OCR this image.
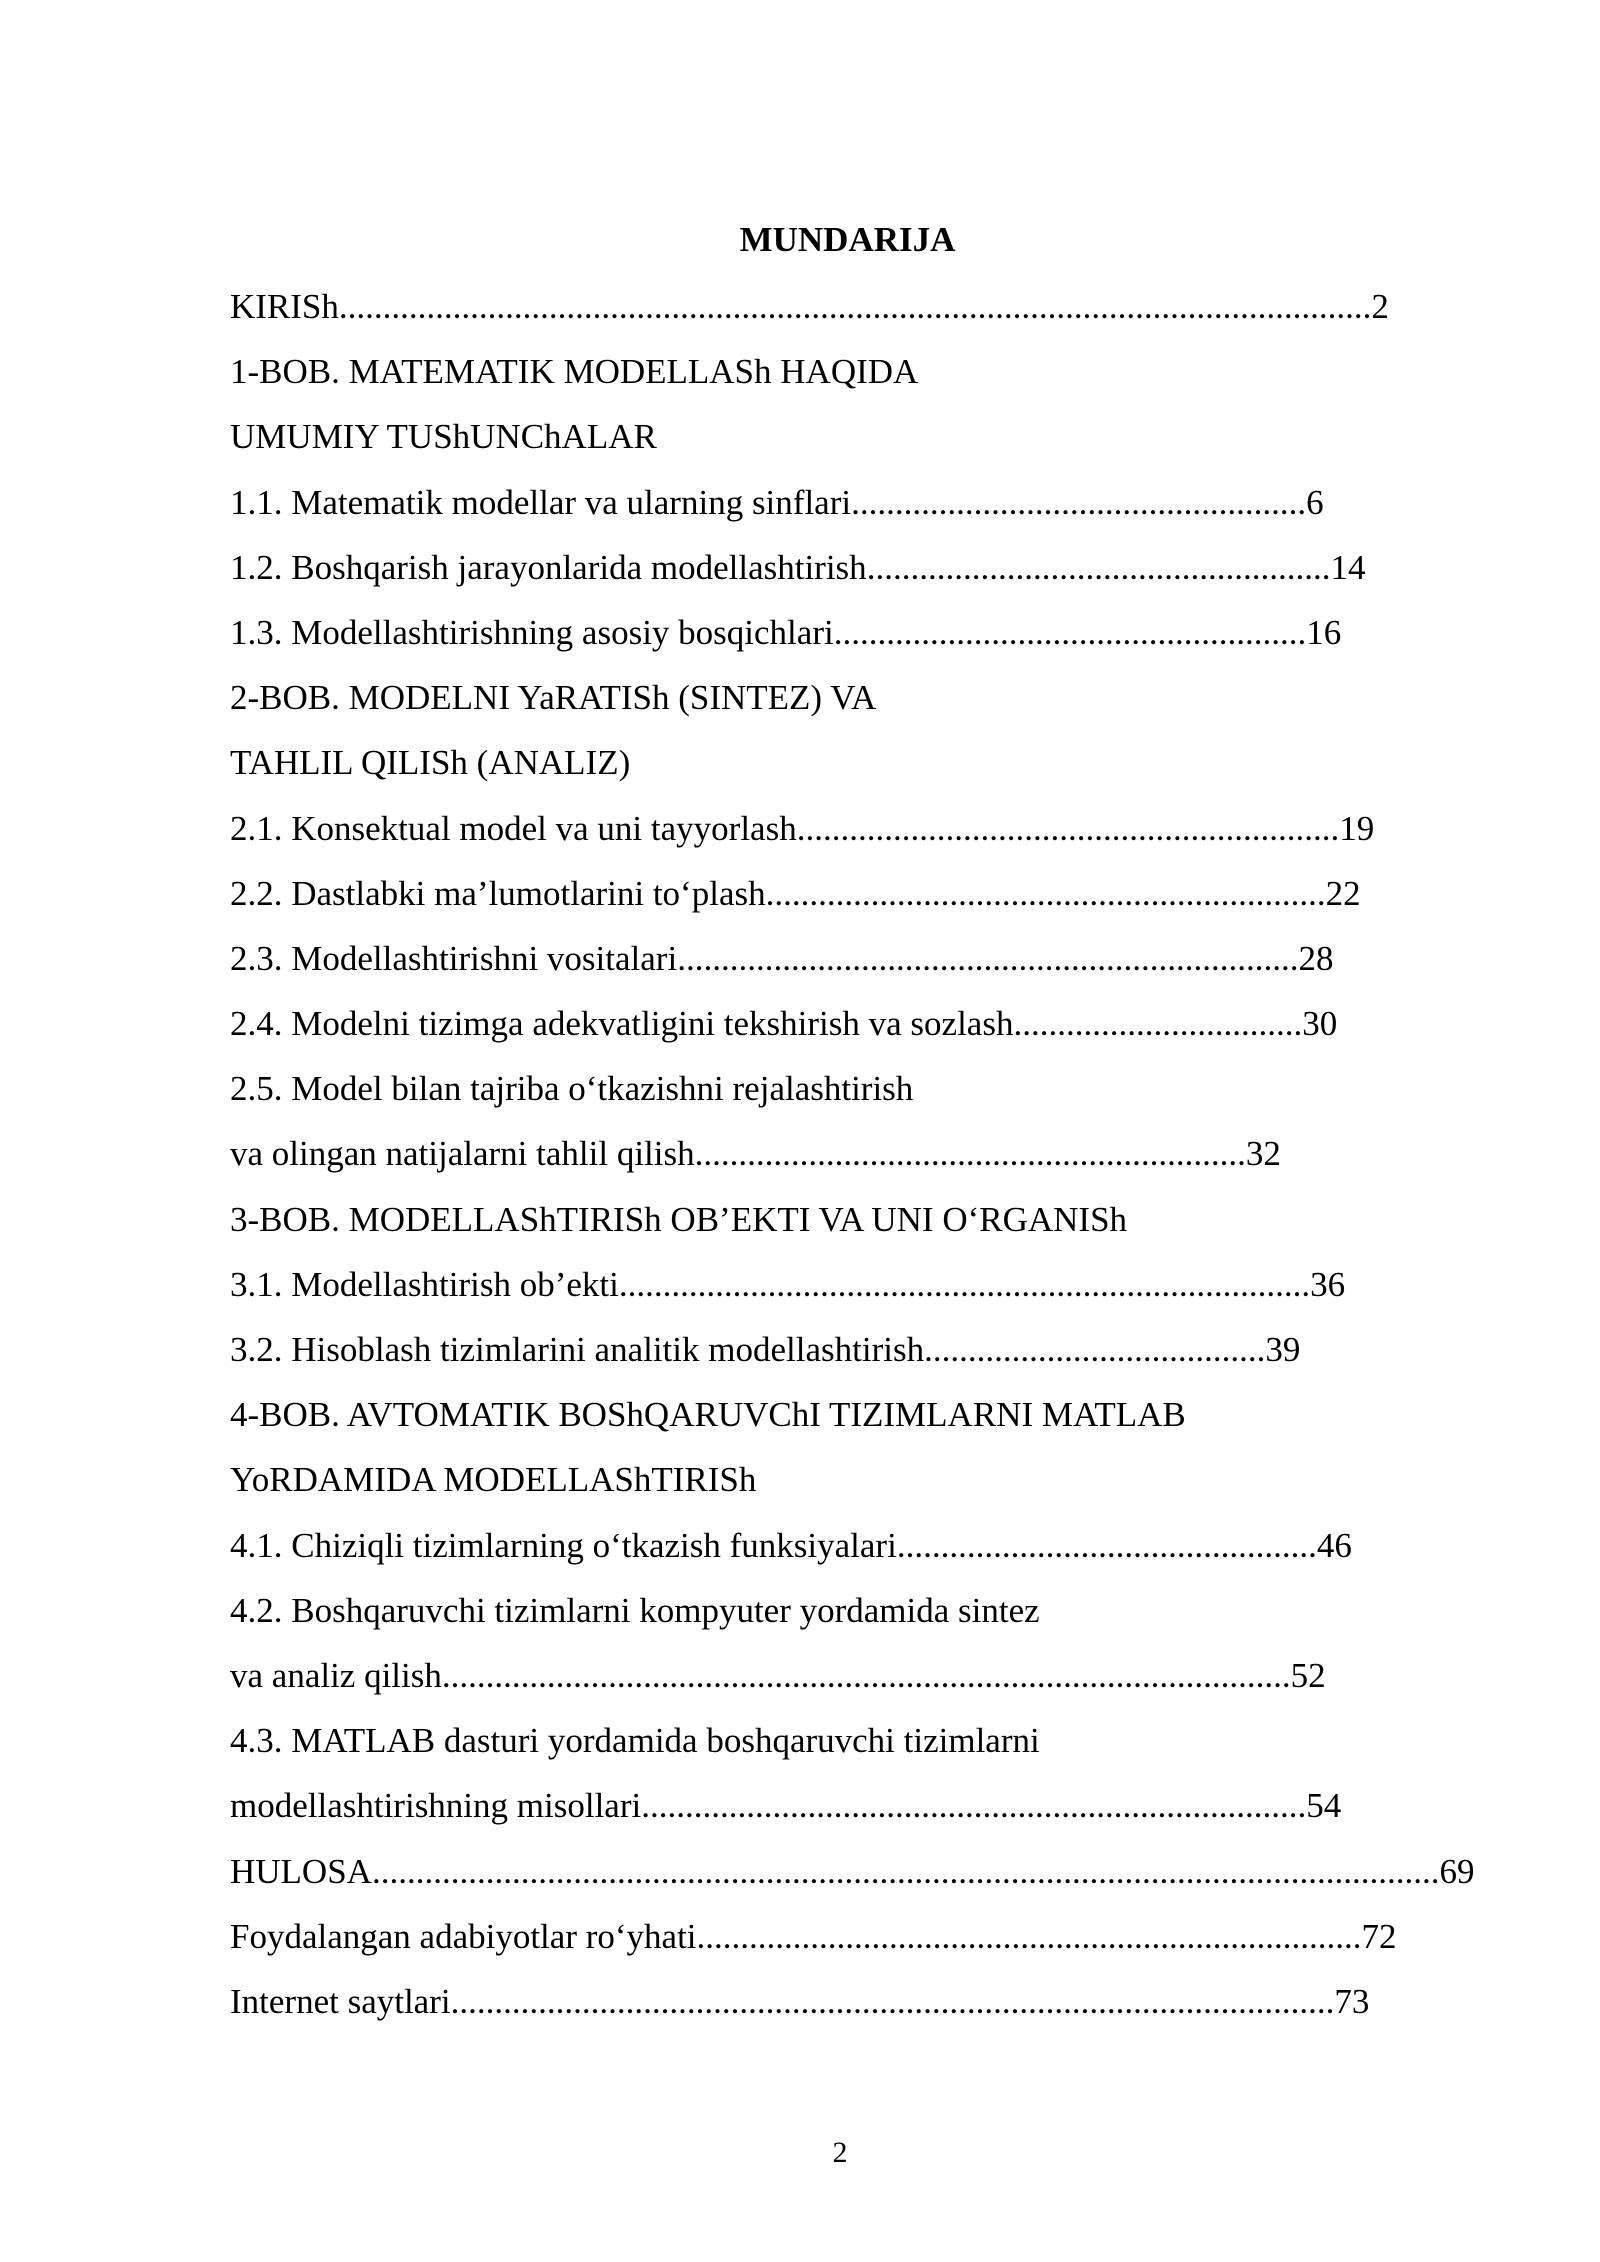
MUNDARIJA
KIRISh......................................................................................................................2
1-BOB. MATEMATIK MODELLASh HAQIDA
UMUMIY TUShUNChALAR
1.1. Matematik modellar va ularning sinflari....................................................6
1.2. Boshqarish jarayonlarida modellashtirish.....................................................14
1.3. Modellashtirishning asosiy bosqichlari......................................................16
2-BOB. MODELNI YaRATISh (SINTEZ) VA
TAHLIL QILISh (ANALIZ)
2.1. Konsektual model va uni tayyorlash..............................................................19
2.2. Dastlabki ma’lumotlarini to‘plash................................................................22
2.3. Modellashtirishni vositalari.......................................................................28
2.4. Modelni tizimga adekvatligini tekshirish va sozlash.................................30
2.5. Model bilan tajriba o‘tkazishni rejalashtirish
va olingan natijalarni tahlil qilish...............................................................32
3-BOB. MODELLAShTIRISh OB’EKTI VA UNI O‘RGANISh
3.1. Modellashtirish ob’ekti...............................................................................36
3.2. Hisoblash tizimlarini analitik modellashtirish.......................................39
4-BOB. AVTOMATIK BOShQARUVChI TIZIMLARNI MATLAB
YoRDAMIDA MODELLAShTIRISh
4.1. Chiziqli tizimlarning o‘tkazish funksiyalari................................................46
4.2. Boshqaruvchi tizimlarni kompyuter yordamida sintez
va analiz qilish.................................................................................................52
4.3. MATLAB dasturi yordamida boshqaruvchi tizimlarni
modellashtirishning misollari............................................................................54
HULOSA..........................................................................................................................69
Foydalangan adabiyotlar ro‘yhati............................................................................72
Internet saytlari.....................................................................................................73
2
